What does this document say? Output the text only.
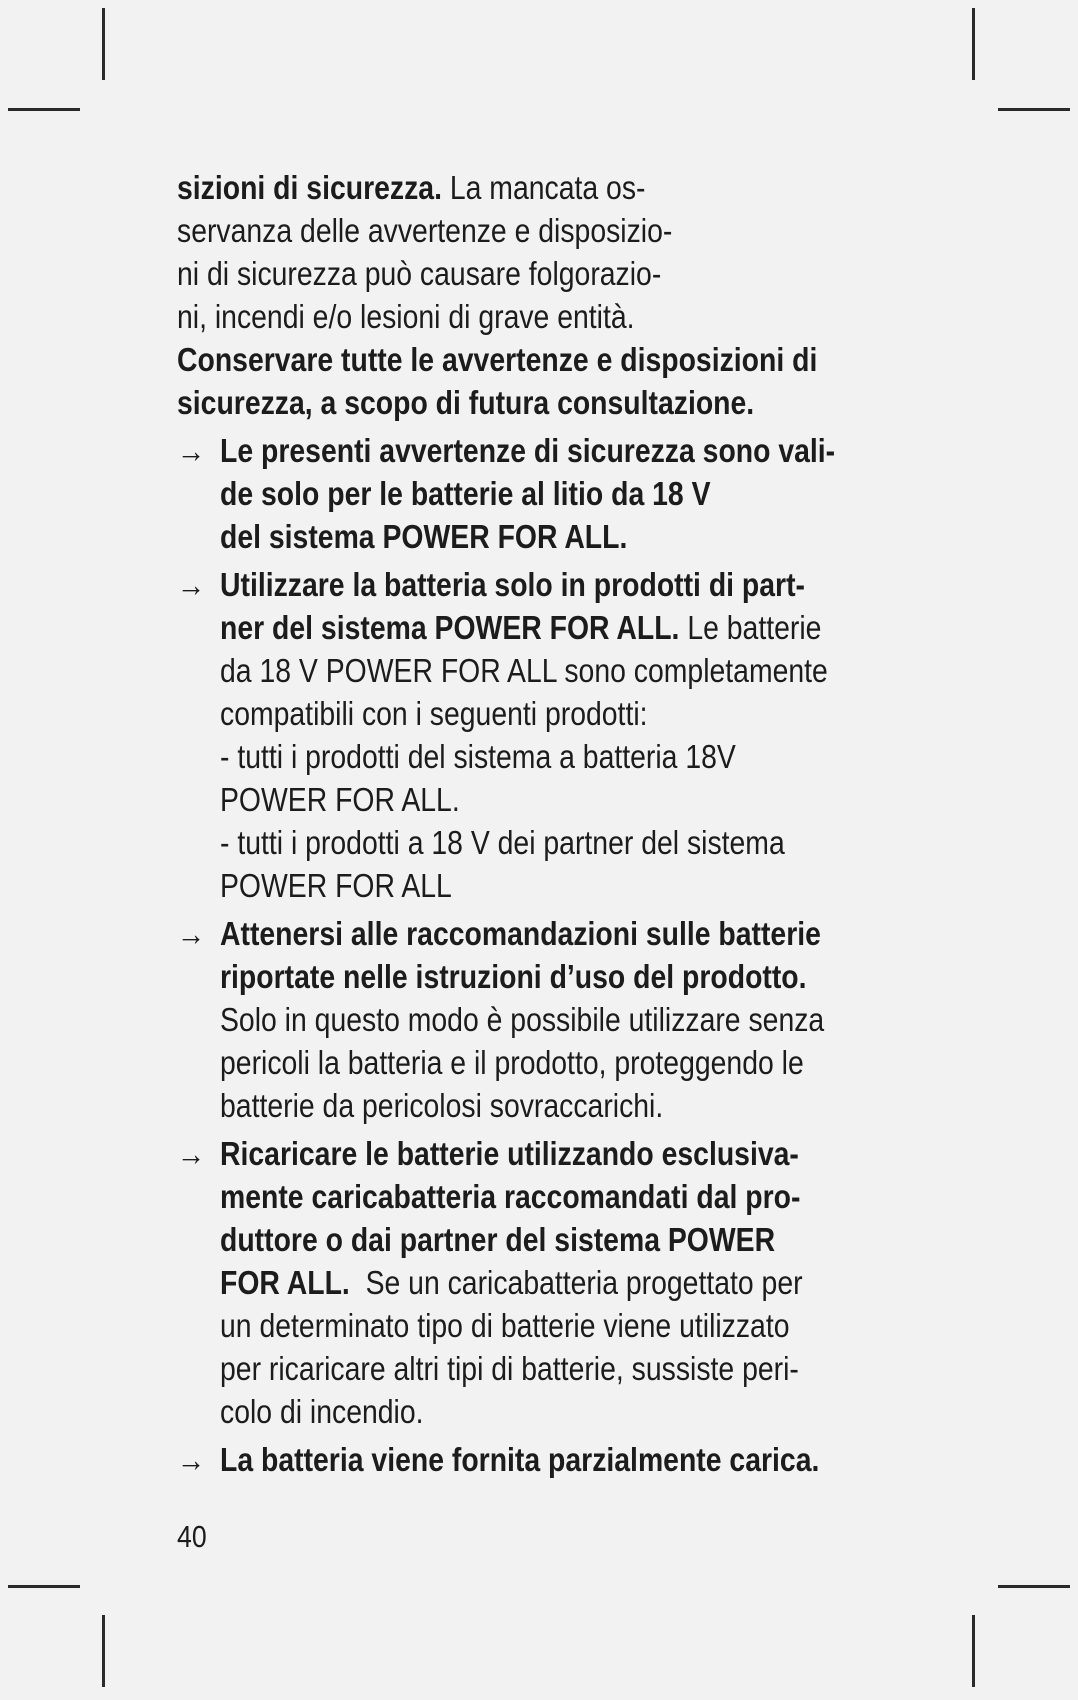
sizioni di sicurezza. La mancata os-
servanza delle avvertenze e disposizio-
ni di sicurezza può causare folgorazio-
ni, incendi e/o lesioni di grave entità.
Conservare tutte le avvertenze e disposizioni di
sicurezza, a scopo di futura consultazione.
→ Le presenti avvertenze di sicurezza sono vali-
de solo per le batterie al litio da 18 V
del sistema POWER FOR ALL.
→ Utilizzare la batteria solo in prodotti di part-
ner del sistema POWER FOR ALL. Le batterie
da 18 V POWER FOR ALL sono completamente
compatibili con i seguenti prodotti:
- tutti i prodotti del sistema a batteria 18V
POWER FOR ALL.
- tutti i prodotti a 18 V dei partner del sistema
POWER FOR ALL
→ Attenersi alle raccomandazioni sulle batterie
riportate nelle istruzioni d’uso del prodotto.
Solo in questo modo è possibile utilizzare senza
pericoli la batteria e il prodotto, proteggendo le
batterie da pericolosi sovraccarichi.
→ Ricaricare le batterie utilizzando esclusiva-
mente caricabatteria raccomandati dal pro-
duttore o dai partner del sistema POWER
FOR ALL.  Se un caricabatteria progettato per
un determinato tipo di batterie viene utilizzato
per ricaricare altri tipi di batterie, sussiste peri-
colo di incendio.
→ La batteria viene fornita parzialmente carica.
40
